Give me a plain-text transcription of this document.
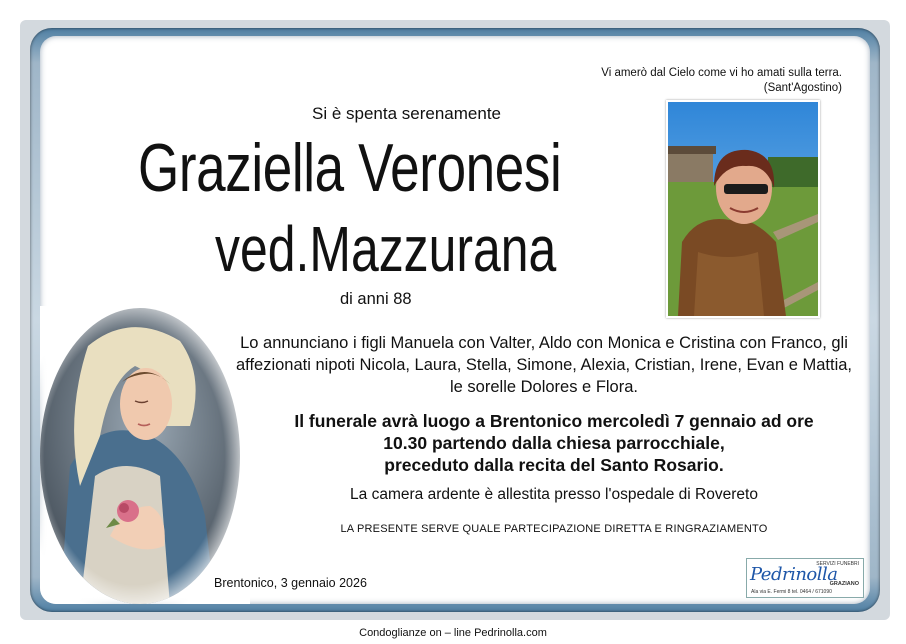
Vi amerò dal Cielo come vi ho amati sulla terra.
(Sant'Agostino)
Si è spenta serenamente
Graziella Veronesi
ved.Mazzurana
di anni 88
Lo annunciano i figli Manuela con Valter, Aldo con Monica e Cristina con Franco, gli affezionati nipoti Nicola, Laura, Stella, Simone, Alexia, Cristian, Irene, Evan e Mattia, le sorelle Dolores e Flora.
Il funerale avrà luogo a Brentonico mercoledì 7 gennaio ad ore
10.30 partendo dalla chiesa parrocchiale,
preceduto dalla recita del Santo Rosario.
La camera ardente è allestita presso l'ospedale di Rovereto
LA PRESENTE SERVE QUALE PARTECIPAZIONE DIRETTA E RINGRAZIAMENTO
Brentonico, 3 gennaio 2026
SERVIZI FUNEBRI
Pedrinolla
GRAZIANO
Ala via E. Fermi 8 tel. 0464 / 671090
Condoglianze on – line Pedrinolla.com
